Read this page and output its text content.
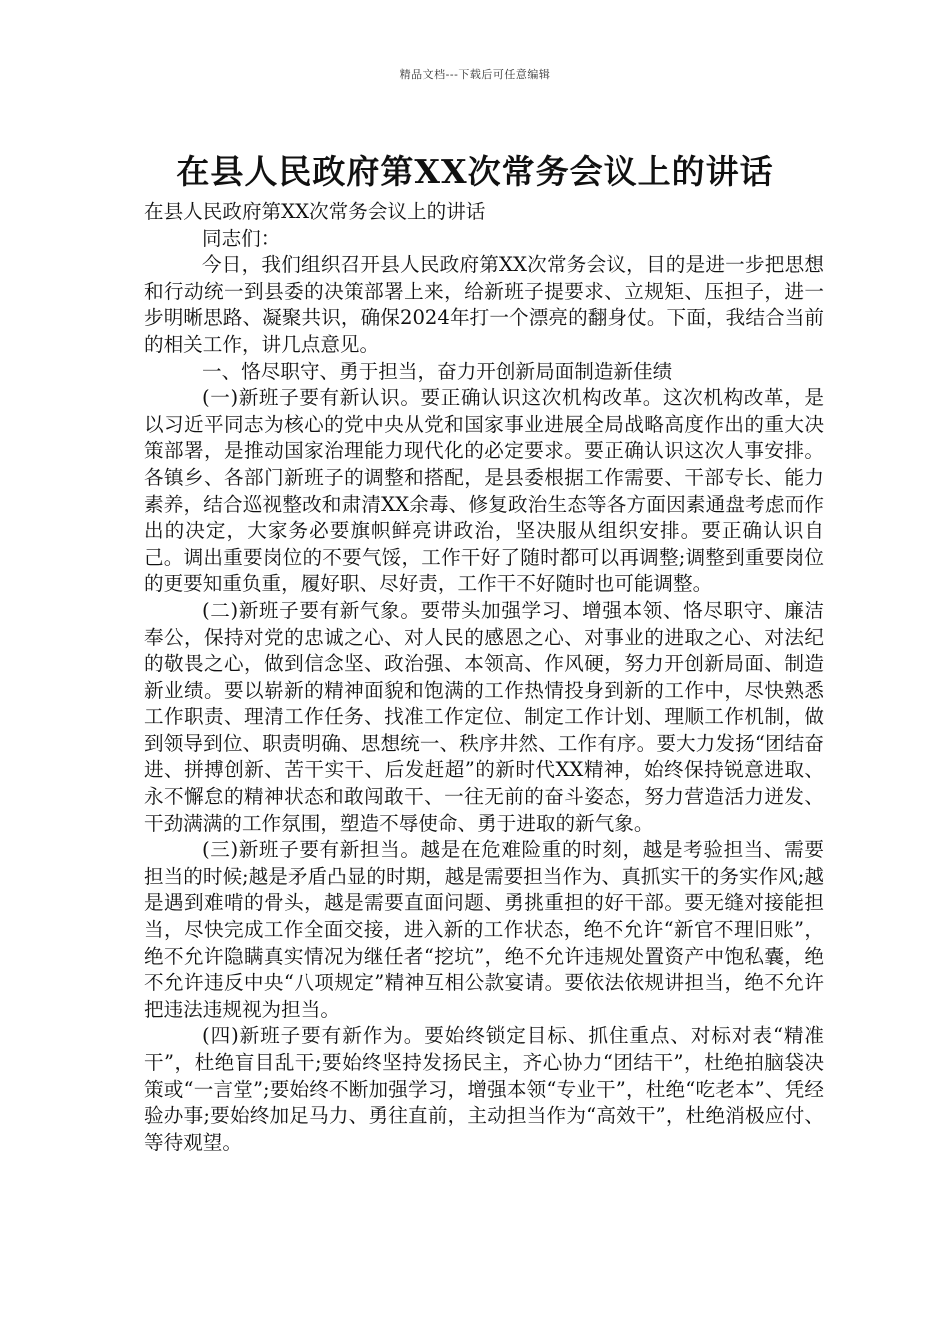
精品文档---下载后可任意编辑
在县人民政府第XX次常务会议上的讲话

在县人民政府第XX次常务会议上的讲话

同志们：

今日，我们组织召开县人民政府第XX次常务会议，目的是进一步把思想和行动统一到县委的决策部署上来，给新班子提要求、立规矩、压担子，进一步明晰思路、凝聚共识，确保2024年打一个漂亮的翻身仗。下面，我结合当前的相关工作，讲几点意见。

一、恪尽职守、勇于担当，奋力开创新局面制造新佳绩

(一)新班子要有新认识。要正确认识这次机构改革。这次机构改革，是以习近平同志为核心的党中央从党和国家事业进展全局战略高度作出的重大决策部署，是推动国家治理能力现代化的必定要求。要正确认识这次人事安排。各镇乡、各部门新班子的调整和搭配，是县委根据工作需要、干部专长、能力素养，结合巡视整改和肃清XX余毒、修复政治生态等各方面因素通盘考虑而作出的决定，大家务必要旗帜鲜亮讲政治，坚决服从组织安排。要正确认识自己。调出重要岗位的不要气馁，工作干好了随时都可以再调整;调整到重要岗位的更要知重负重，履好职、尽好责，工作干不好随时也可能调整。

(二)新班子要有新气象。要带头加强学习、增强本领、恪尽职守、廉洁奉公，保持对党的忠诚之心、对人民的感恩之心、对事业的进取之心、对法纪的敬畏之心，做到信念坚、政治强、本领高、作风硬，努力开创新局面、制造新业绩。要以崭新的精神面貌和饱满的工作热情投身到新的工作中，尽快熟悉工作职责、理清工作任务、找准工作定位、制定工作计划、理顺工作机制，做到领导到位、职责明确、思想统一、秩序井然、工作有序。要大力发扬“团结奋进、拼搏创新、苦干实干、后发赶超”的新时代XX精神，始终保持锐意进取、永不懈怠的精神状态和敢闯敢干、一往无前的奋斗姿态，努力营造活力迸发、干劲满满的工作氛围，塑造不辱使命、勇于进取的新气象。

(三)新班子要有新担当。越是在危难险重的时刻，越是考验担当、需要担当的时候;越是矛盾凸显的时期，越是需要担当作为、真抓实干的务实作风;越是遇到难啃的骨头，越是需要直面问题、勇挑重担的好干部。要无缝对接能担当，尽快完成工作全面交接，进入新的工作状态，绝不允许“新官不理旧账”，绝不允许隐瞒真实情况为继任者“挖坑”，绝不允许违规处置资产中饱私囊，绝不允许违反中央“八项规定”精神互相公款宴请。要依法依规讲担当，绝不允许把违法违规视为担当。

(四)新班子要有新作为。要始终锁定目标、抓住重点、对标对表“精准干”，杜绝盲目乱干;要始终坚持发扬民主，齐心协力“团结干”，杜绝拍脑袋决策或“一言堂”;要始终不断加强学习，增强本领“专业干”，杜绝“吃老本”、凭经验办事;要始终加足马力、勇往直前，主动担当作为“高效干”，杜绝消极应付、等待观望。
